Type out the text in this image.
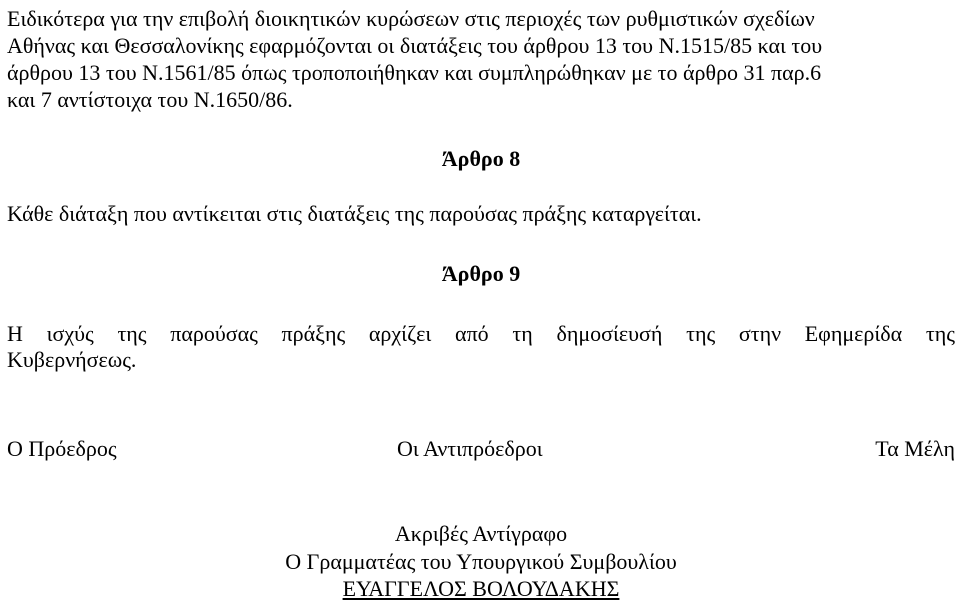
Ειδικότερα για την επιβολή διοικητικών κυρώσεων στις περιοχές των ρυθμιστικών σχεδίων
Αθήνας και Θεσσαλονίκης εφαρμόζονται οι διατάξεις του άρθρου 13 του Ν.1515/85 και του
άρθρου 13 του Ν.1561/85 όπως τροποποιήθηκαν και συμπληρώθηκαν με το άρθρο 31 παρ.6
και 7 αντίστοιχα του Ν.1650/86.
Άρθρο 8
Κάθε διάταξη που αντίκειται στις διατάξεις της παρούσας πράξης καταργείται.
Άρθρο 9
Η ισχύς της παρούσας πράξης αρχίζει από τη δημοσίευσή της στην Εφημερίδα της
Κυβερνήσεως.
Ο Πρόεδρος	Οι Αντιπρόεδροι	Τα Μέλη
Ακριβές Αντίγραφο
Ο Γραμματέας του Υπουργικού Συμβουλίου
ΕΥΑΓΓΕΛΟΣ ΒΟΛΟΥΔΑΚΗΣ
